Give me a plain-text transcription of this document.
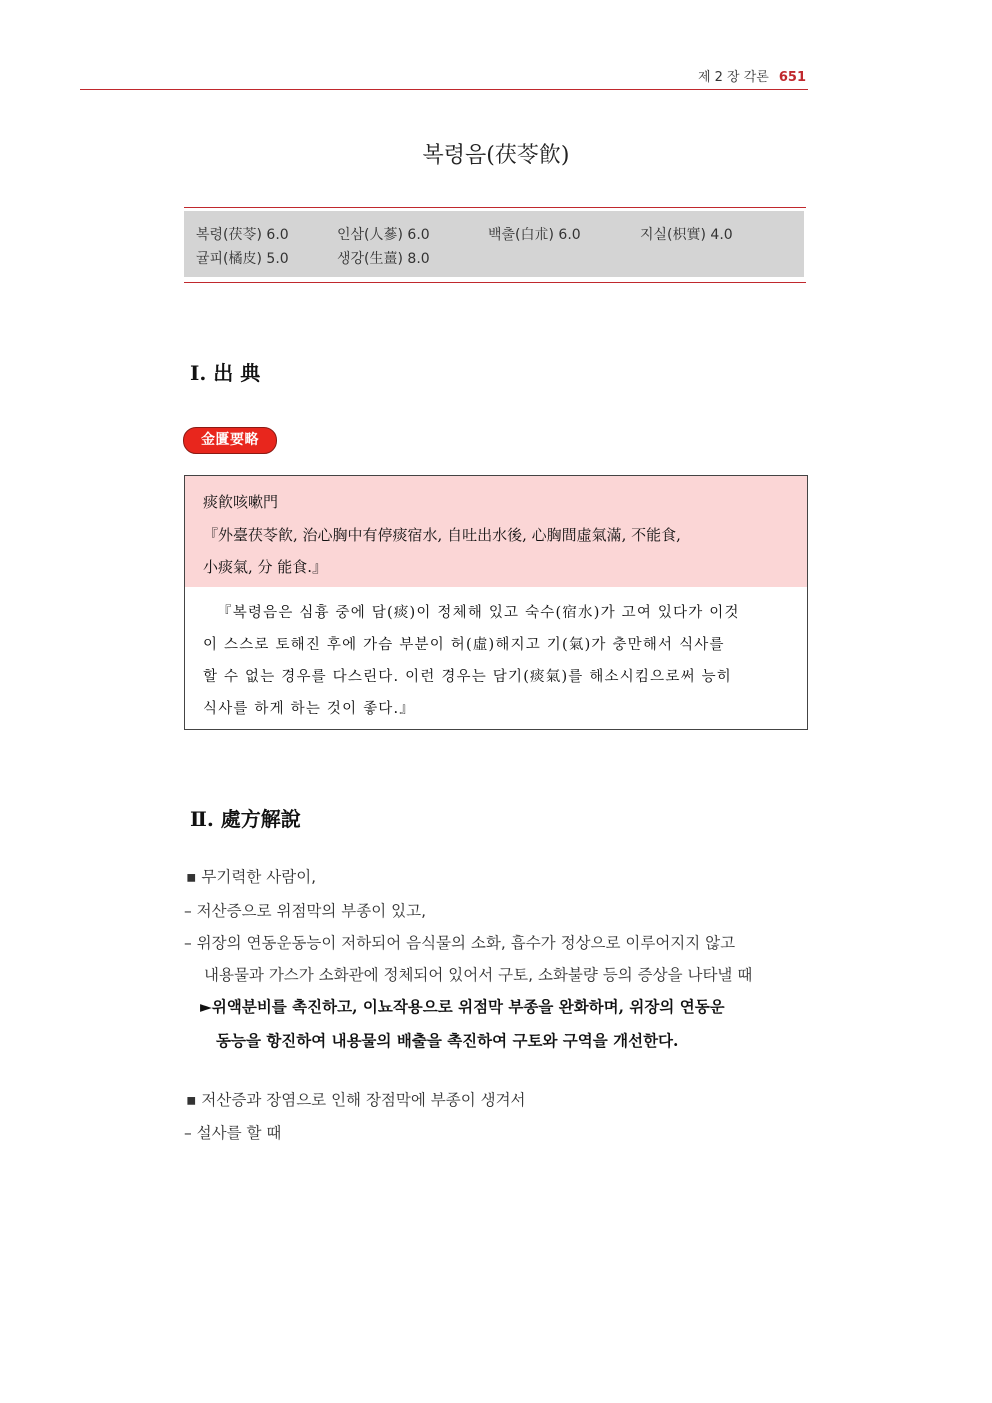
제 2 장 각론 651
복령음(茯苓飮)
복령(茯苓) 6.0	인삼(人蔘) 6.0	백출(白朮) 6.0	지실(枳實) 4.0
귤피(橘皮) 5.0	생강(生薑) 8.0
Ⅰ. 出 典
金匱要略
痰飮咳嗽門
『外臺茯苓飮, 治心胸中有停痰宿水, 自吐出水後, 心胸間虛氣滿, 不能食,
小痰氣, 分 能食.』
『복령음은 심흉 중에 담(痰)이 정체해 있고 숙수(宿水)가 고여 있다가 이것
이 스스로 토해진 후에 가슴 부분이 허(虛)해지고 기(氣)가 충만해서 식사를
할 수 없는 경우를 다스린다. 이런 경우는 담기(痰氣)를 해소시킴으로써 능히
식사를 하게 하는 것이 좋다.』
Ⅱ. 處方解說
▪ 무기력한 사람이,
– 저산증으로 위점막의 부종이 있고,
– 위장의 연동운동능이 저하되어 음식물의 소화, 흡수가 정상으로 이루어지지 않고
내용물과 가스가 소화관에 정체되어 있어서 구토, 소화불량 등의 증상을 나타낼 때
►위액분비를 촉진하고, 이뇨작용으로 위점막 부종을 완화하며, 위장의 연동운
동능을 항진하여 내용물의 배출을 촉진하여 구토와 구역을 개선한다.
▪ 저산증과 장염으로 인해 장점막에 부종이 생겨서
– 설사를 할 때
